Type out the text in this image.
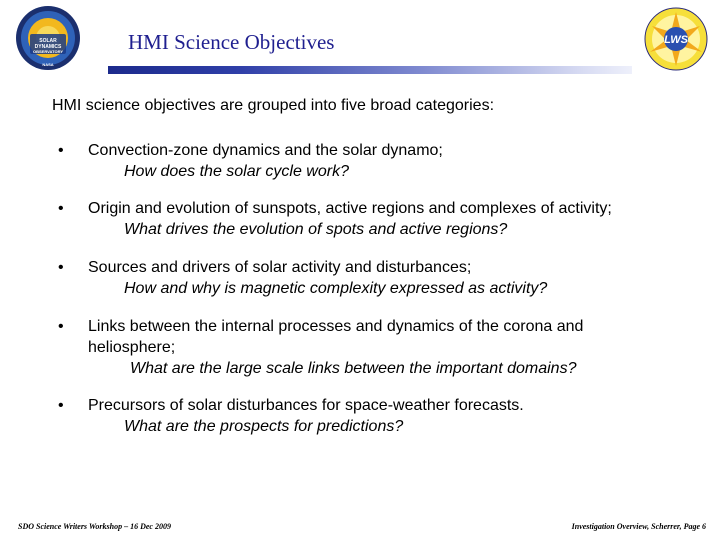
SOLAR
DYNAMICS
OBSERVATORY
NASA
HMI Science Objectives	LWS
HMI science objectives are grouped into five broad categories:
•	Convection-zone dynamics and the solar dynamo;
How does the solar cycle work?
•	Origin and evolution of sunspots, active regions and complexes of activity;
What drives the evolution of spots and active regions?
•	Sources and drivers of solar activity and disturbances;
How and why is magnetic complexity expressed as activity?
•	Links between the internal processes and dynamics of the corona and
heliosphere;
What are the large scale links between the important domains?
•	Precursors of solar disturbances for space-weather forecasts.
What are the prospects for predictions?
SDO Science Writers Workshop – 16 Dec 2009	Investigation Overview, Scherrer, Page 6
